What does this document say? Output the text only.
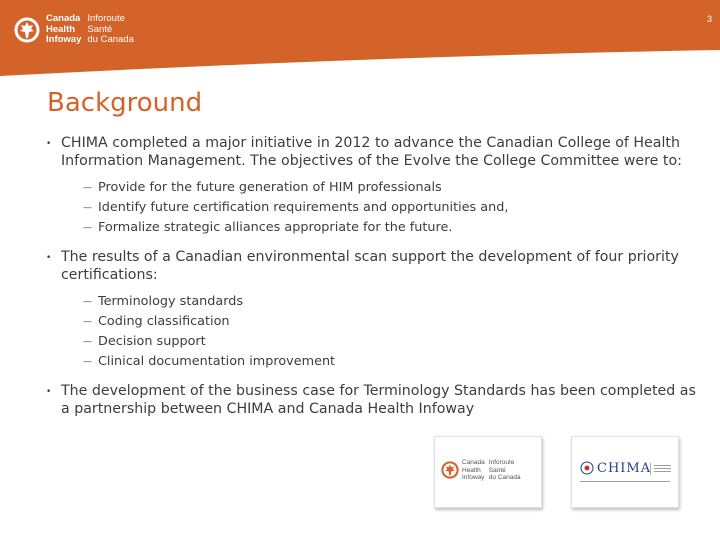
Canada
Health
Infoway
Inforoute
Santé
du Canada
3
Background
• CHIMA completed a major initiative in 2012 to advance the Canadian College of Health Information Management. The objectives of the Evolve the College Committee were to:
— Provide for the future generation of HIM professionals
— Identify future certification requirements and opportunities and,
— Formalize strategic alliances appropriate for the future.
• The results of a Canadian environmental scan support the development of four priority certifications:
— Terminology standards
— Coding classification
— Decision support
— Clinical documentation improvement
• The development of the business case for Terminology Standards has been completed as a partnership between CHIMA and Canada Health Infoway
Canada
Health
Infoway
Inforoute
Santé
du Canada
CHIMA
